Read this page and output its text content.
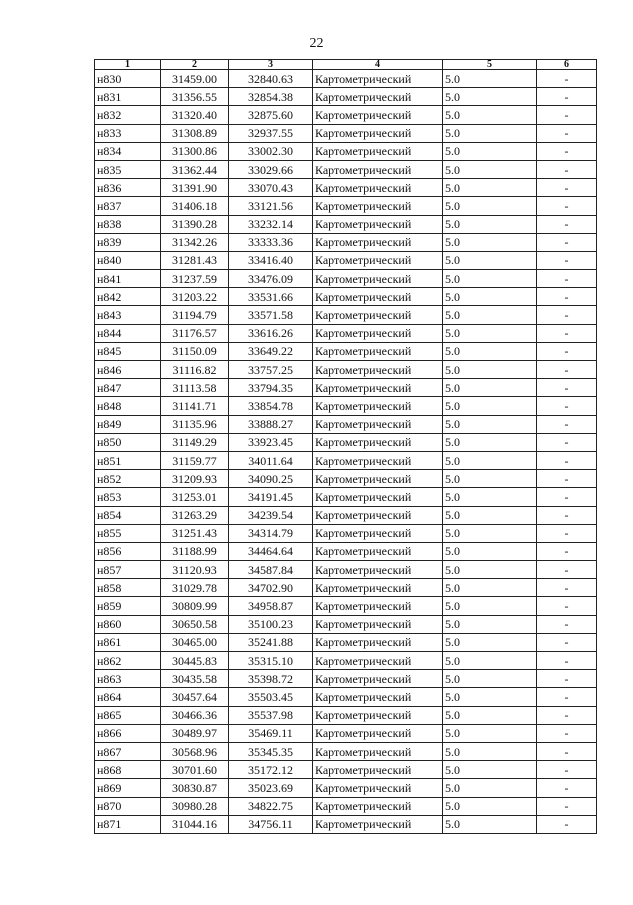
22
1	2	3	4	5	6
н830	31459.00	32840.63	Картометрический	5.0	-
н831	31356.55	32854.38	Картометрический	5.0	-
н832	31320.40	32875.60	Картометрический	5.0	-
н833	31308.89	32937.55	Картометрический	5.0	-
н834	31300.86	33002.30	Картометрический	5.0	-
н835	31362.44	33029.66	Картометрический	5.0	-
н836	31391.90	33070.43	Картометрический	5.0	-
н837	31406.18	33121.56	Картометрический	5.0	-
н838	31390.28	33232.14	Картометрический	5.0	-
н839	31342.26	33333.36	Картометрический	5.0	-
н840	31281.43	33416.40	Картометрический	5.0	-
н841	31237.59	33476.09	Картометрический	5.0	-
н842	31203.22	33531.66	Картометрический	5.0	-
н843	31194.79	33571.58	Картометрический	5.0	-
н844	31176.57	33616.26	Картометрический	5.0	-
н845	31150.09	33649.22	Картометрический	5.0	-
н846	31116.82	33757.25	Картометрический	5.0	-
н847	31113.58	33794.35	Картометрический	5.0	-
н848	31141.71	33854.78	Картометрический	5.0	-
н849	31135.96	33888.27	Картометрический	5.0	-
н850	31149.29	33923.45	Картометрический	5.0	-
н851	31159.77	34011.64	Картометрический	5.0	-
н852	31209.93	34090.25	Картометрический	5.0	-
н853	31253.01	34191.45	Картометрический	5.0	-
н854	31263.29	34239.54	Картометрический	5.0	-
н855	31251.43	34314.79	Картометрический	5.0	-
н856	31188.99	34464.64	Картометрический	5.0	-
н857	31120.93	34587.84	Картометрический	5.0	-
н858	31029.78	34702.90	Картометрический	5.0	-
н859	30809.99	34958.87	Картометрический	5.0	-
н860	30650.58	35100.23	Картометрический	5.0	-
н861	30465.00	35241.88	Картометрический	5.0	-
н862	30445.83	35315.10	Картометрический	5.0	-
н863	30435.58	35398.72	Картометрический	5.0	-
н864	30457.64	35503.45	Картометрический	5.0	-
н865	30466.36	35537.98	Картометрический	5.0	-
н866	30489.97	35469.11	Картометрический	5.0	-
н867	30568.96	35345.35	Картометрический	5.0	-
н868	30701.60	35172.12	Картометрический	5.0	-
н869	30830.87	35023.69	Картометрический	5.0	-
н870	30980.28	34822.75	Картометрический	5.0	-
н871	31044.16	34756.11	Картометрический	5.0	-
